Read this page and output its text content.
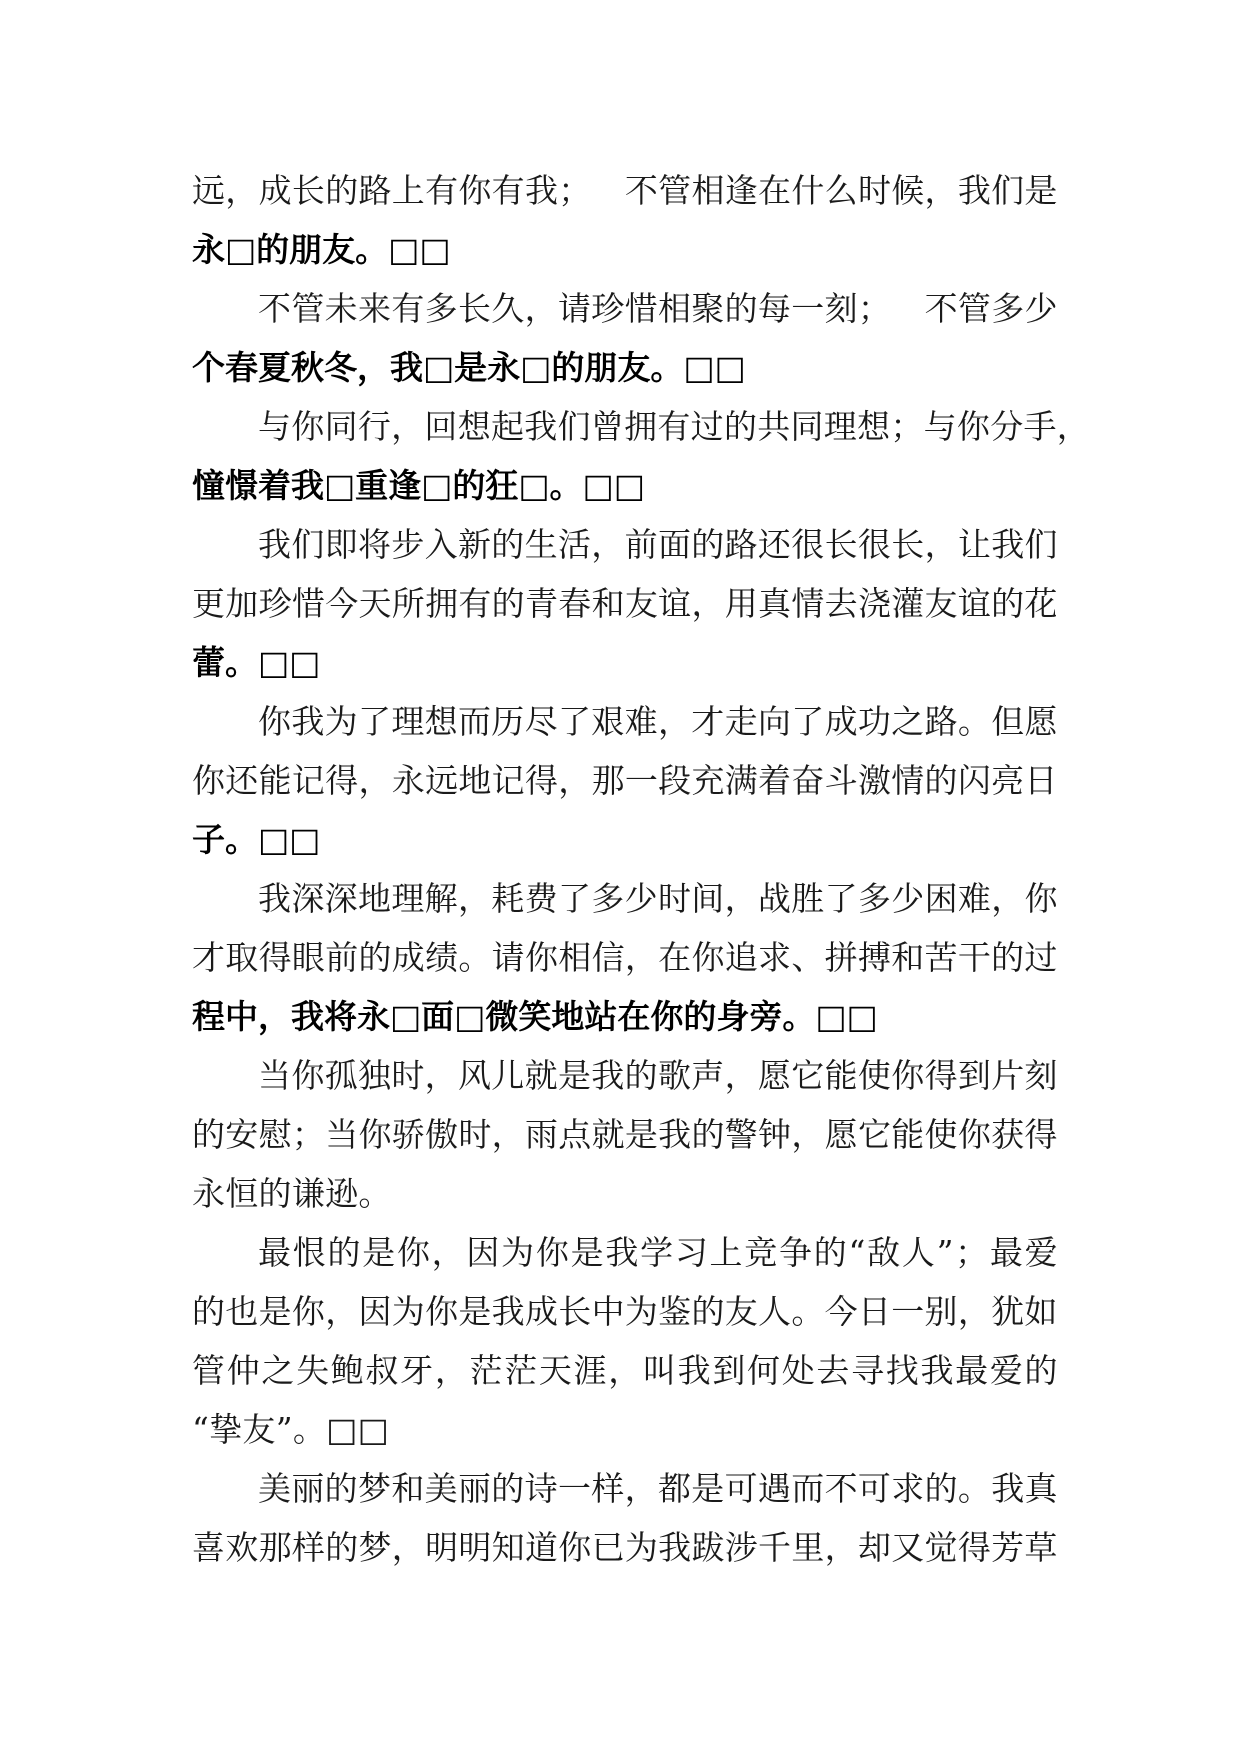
远 ， 成 长 的 路 上 有 你 有 我 ；
　 不 管 相 逢 在 什 么 时 候 ， 我 们 是
永□的朋友。□□
不 管 未 来 有 多 长 久 ， 请 珍 惜 相 聚 的 每 一 刻 ；
　 不 管 多 少
个春夏秋冬，我□是永□的朋友。□□
与 你 同 行 ， 回 想 起 我 们 曾 拥 有 过 的 共 同 理 想 ； 与 你 分 手 ，
憧憬着我□重逢□的狂□。□□
我 们 即 将 步 入 新 的 生 活 ， 前 面 的 路 还 很 长 很 长 ， 让 我 们
更 加 珍 惜 今 天 所 拥 有 的 青 春 和 友 谊 ， 用 真 情 去 浇 灌 友 谊 的 花
蕾。□□
你 我 为 了 理 想 而 历 尽 了 艰 难 ， 才 走 向 了 成 功 之 路 。 但 愿
你 还 能 记 得 ， 永 远 地 记 得 ， 那 一 段 充 满 着 奋 斗 激 情 的 闪 亮 日
子。□□
我 深 深 地 理 解 ， 耗 费 了 多 少 时 间 ， 战 胜 了 多 少 困 难 ， 你
才 取 得 眼 前 的 成 绩 。 请 你 相 信 ， 在 你 追 求 、 拼 搏 和 苦 干 的 过
程中，我将永□面□微笑地站在你的身旁。□□
当 你 孤 独 时 ， 风 儿 就 是 我 的 歌 声 ， 愿 它 能 使 你 得 到 片 刻
的 安 慰 ； 当 你 骄 傲 时 ， 雨 点 就 是 我 的 警 钟 ， 愿 它 能 使 你 获 得
永恒的谦逊。
最 恨 的 是 你 ， 因 为 你 是 我 学 习 上 竞 争 的 “ 敌 人 ” ； 最 爱
的 也 是 你 ， 因 为 你 是 我 成 长 中 为 鉴 的 友 人 。 今 日 一 别 ， 犹 如
管 仲 之 失 鲍 叔 牙 ， 茫 茫 天 涯 ， 叫 我 到 何 处 去 寻 找 我 最 爱 的
“挚友”。□□
美 丽 的 梦 和 美 丽 的 诗 一 样 ， 都 是 可 遇 而 不 可 求 的 。 我 真
喜 欢 那 样 的 梦 ， 明 明 知 道 你 已 为 我 跋 涉 千 里 ， 却 又 觉 得 芳 草
